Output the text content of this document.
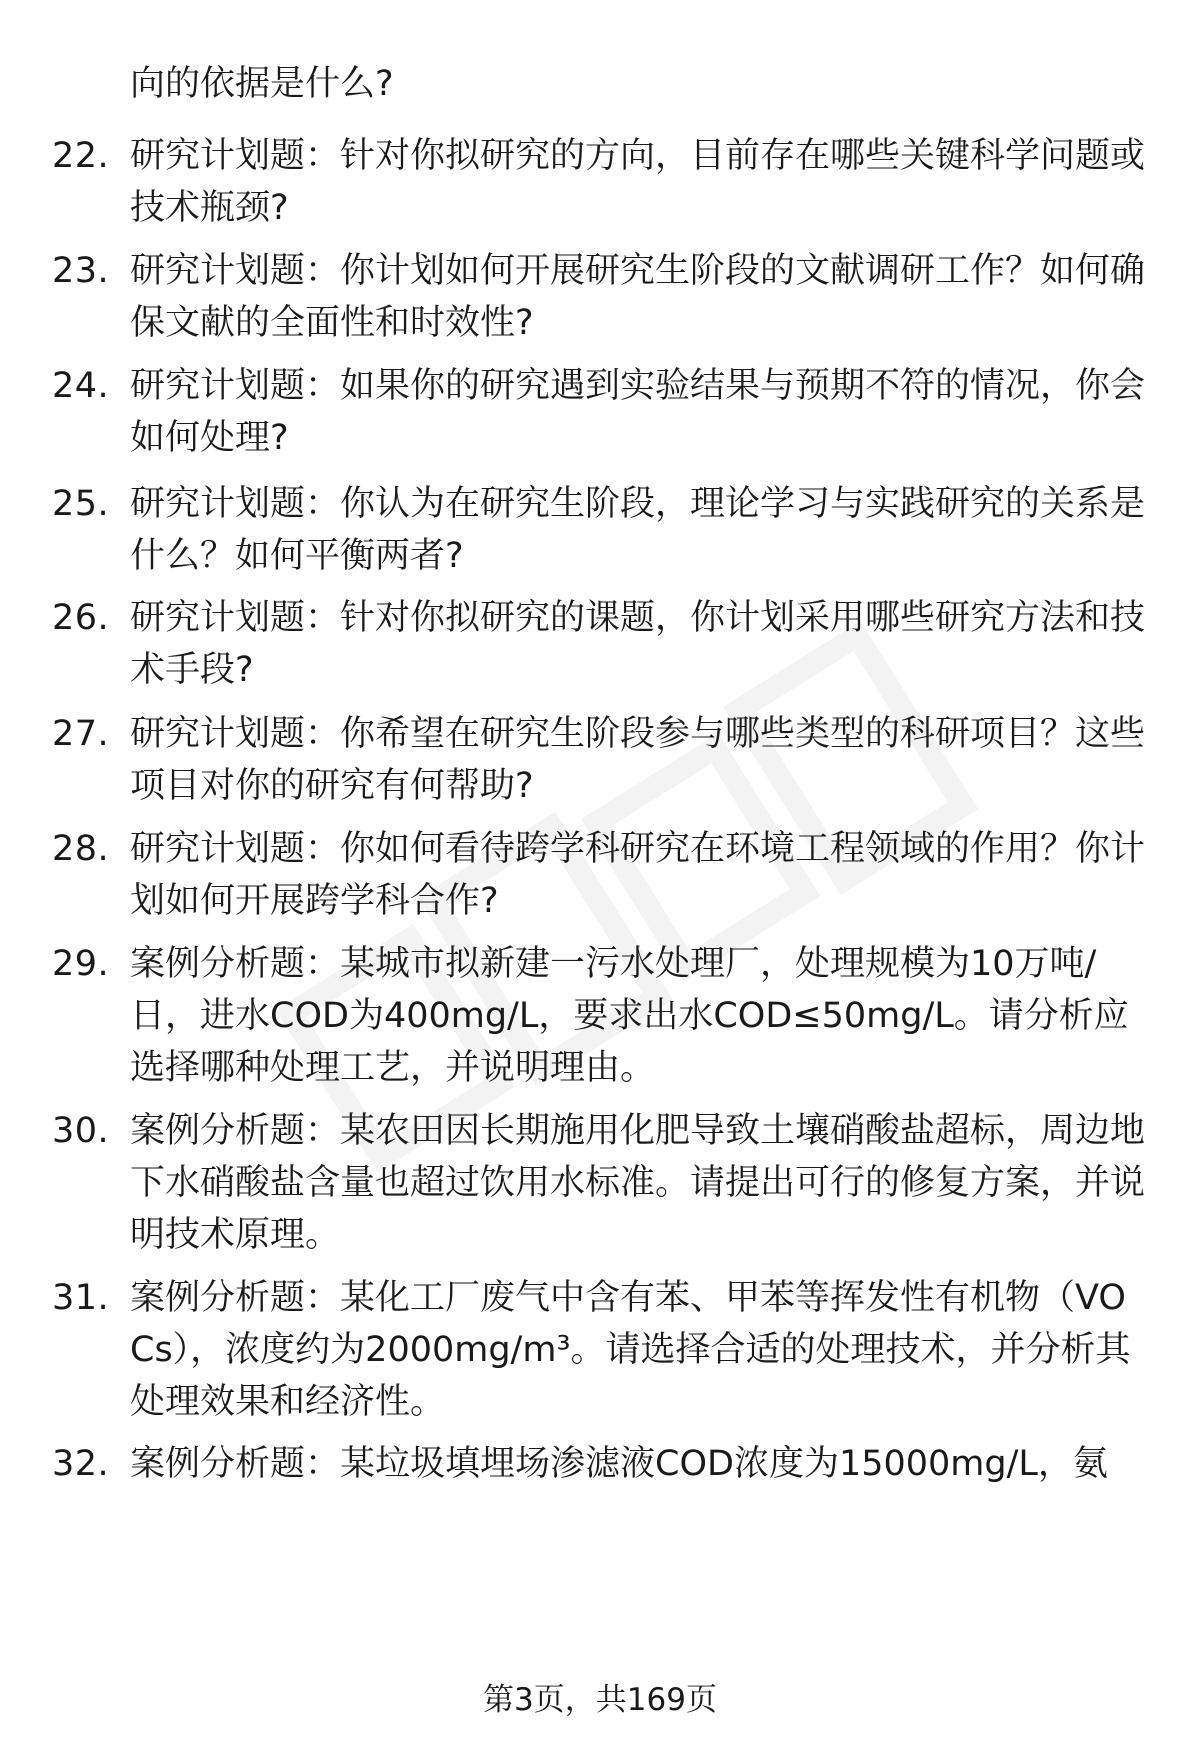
向的依据是什么?
22. 研究计划题：针对你拟研究的方向，目前存在哪些关键科学问题或技术瓶颈?

23. 研究计划题：你计划如何开展研究生阶段的文献调研工作？如何确保文献的全面性和时效性?

24. 研究计划题：如果你的研究遇到实验结果与预期不符的情况，你会如何处理?

25. 研究计划题：你认为在研究生阶段，理论学习与实践研究的关系是什么？如何平衡两者?

26. 研究计划题：针对你拟研究的课题，你计划采用哪些研究方法和技术手段?

27. 研究计划题：你希望在研究生阶段参与哪些类型的科研项目？这些项目对你的研究有何帮助?

28. 研究计划题：你如何看待跨学科研究在环境工程领域的作用？你计划如何开展跨学科合作?

29. 案例分析题：某城市拟新建一污水处理厂，处理规模为10万吨/日，进水COD为400mg/L，要求出水COD≤50mg/L。请分析应选择哪种处理工艺，并说明理由。

30. 案例分析题：某农田因长期施用化肥导致土壤硝酸盐超标，周边地下水硝酸盐含量也超过饮用水标准。请提出可行的修复方案，并说明技术原理。

31. 案例分析题：某化工厂废气中含有苯、甲苯等挥发性有机物（VOCs），浓度约为2000mg/m³。请选择合适的处理技术，并分析其处理效果和经济性。

32. 案例分析题：某垃圾填埋场渗滤液COD浓度为15000mg/L，氨

第3页，共169页
